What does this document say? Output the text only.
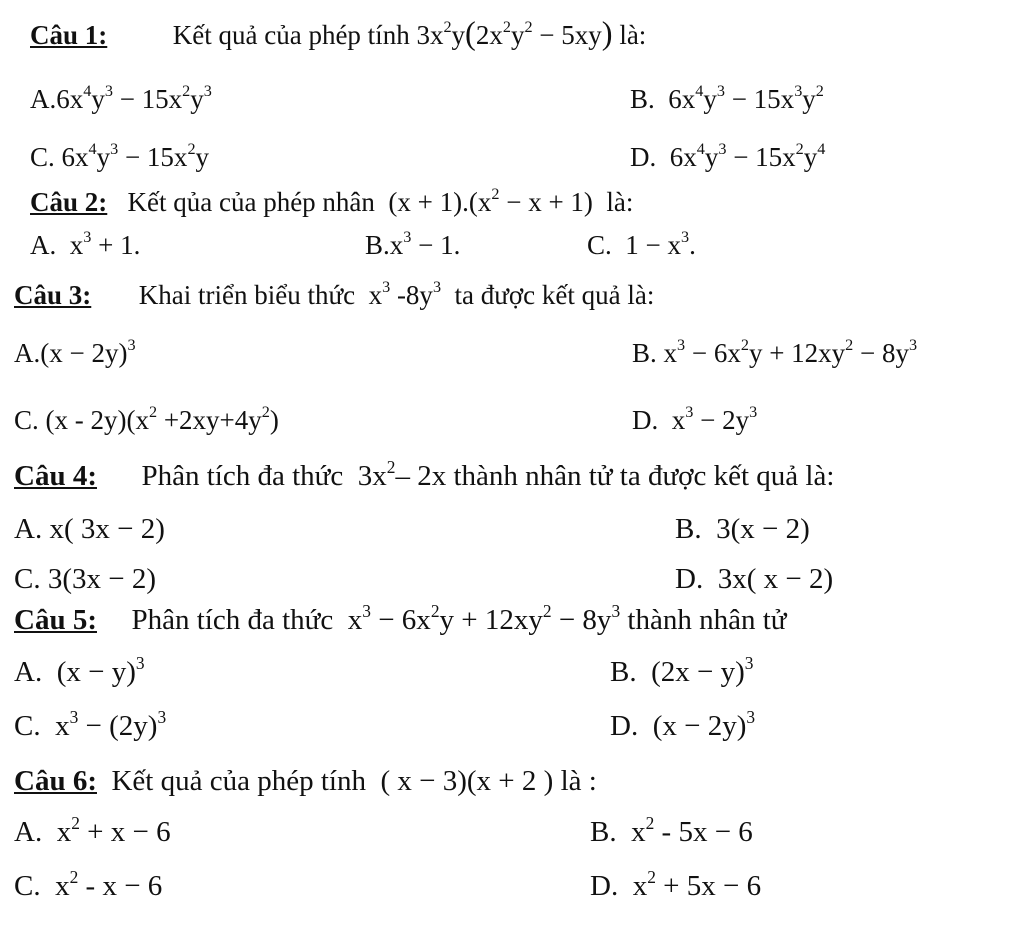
Câu 1: Kết quả của phép tính $3x^2y(2x^2y^2 - 5xy)$ là:
$A.6x^4y^3 - 15x^2y^3$	B. $6x^4y^3 - 15x^3y^2$
C. $6x^4y^3 - 15x^2y$	D. $6x^4y^3 - 15x^2y^4$
Câu 2: Kết qủa của phép nhân $(x + 1).(x^2 - x + 1)$ là:
A. $x^3 + 1$.	$B.x^3 - 1$.	C. $1 - x^3$.
Câu 3: Khai triển biểu thức $x^3$ $-8y^3$ ta được kết quả là:
$A.(x - 2y)^3$	B. $x^3 - 6x^2y + 12xy^2 - 8y^3$
C. $(x - 2y)(x^2 +2xy+4y^2)$	D. $x^3 - 2y^3$
Câu 4: Phân tích đa thức $3x^2-$ 2x thành nhân tử ta được kết quả là:
A. x( 3x − 2)	B. 3(x − 2)
C. 3(3x − 2)	D. 3x( x − 2)
Câu 5: Phân tích đa thức $x^3 - 6x^2y + 12xy^2 - 8y^3$ thành nhân tử
A. $(x - y)^3$	B. $(2x - y)^3$
C. $x^3 - (2y)^3$	D. $(x - 2y)^3$
Câu 6: Kết quả của phép tính ( x − 3)(x + 2 ) là :
A. $x^2 + x - 6$	B. $x^2 - 5x - 6$
C. $x^2 - x - 6$	D. $x^2 + 5x - 6$
